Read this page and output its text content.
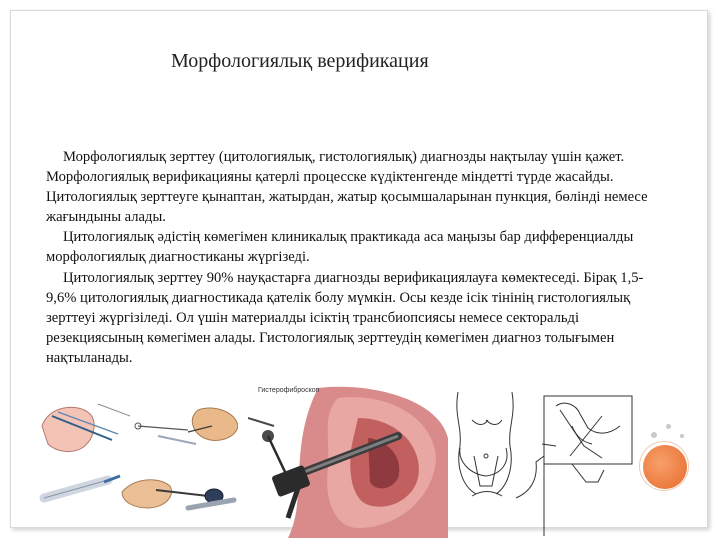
Морфологиялық верификация

Морфологиялық зерттеу (цитологиялық, гистологиялық) диагнозды нақтылау үшін қажет. Морфологиялық верификацияны қатерлі процесске күдіктенгенде міндетті түрде жасайды. Цитологиялық зерттеуге қынаптан, жатырдан, жатыр қосымшаларынан пункция, бөлінді немесе жағындыны алады.

Цитологиялық әдістің көмегімен клиникалық практикада аса маңызы бар дифференциалды морфологиялық диагностиканы жүргізеді.

Цитологиялық зерттеу 90% науқастарға диагнозды верификациялауға көмектеседі. Бірақ 1,5-9,6% цитологиялық диагностикада қателік болу мүмкін. Осы кезде ісік тінінің гистологиялық зерттеуі жүргізіледі. Ол үшін материалды ісіктің трансбиопсиясы немесе секторальді резекциясының көмегімен алады. Гистологиялық зерттеудің көмегімен диагноз толығымен нақтыланады.

Гистерофиброскоп
